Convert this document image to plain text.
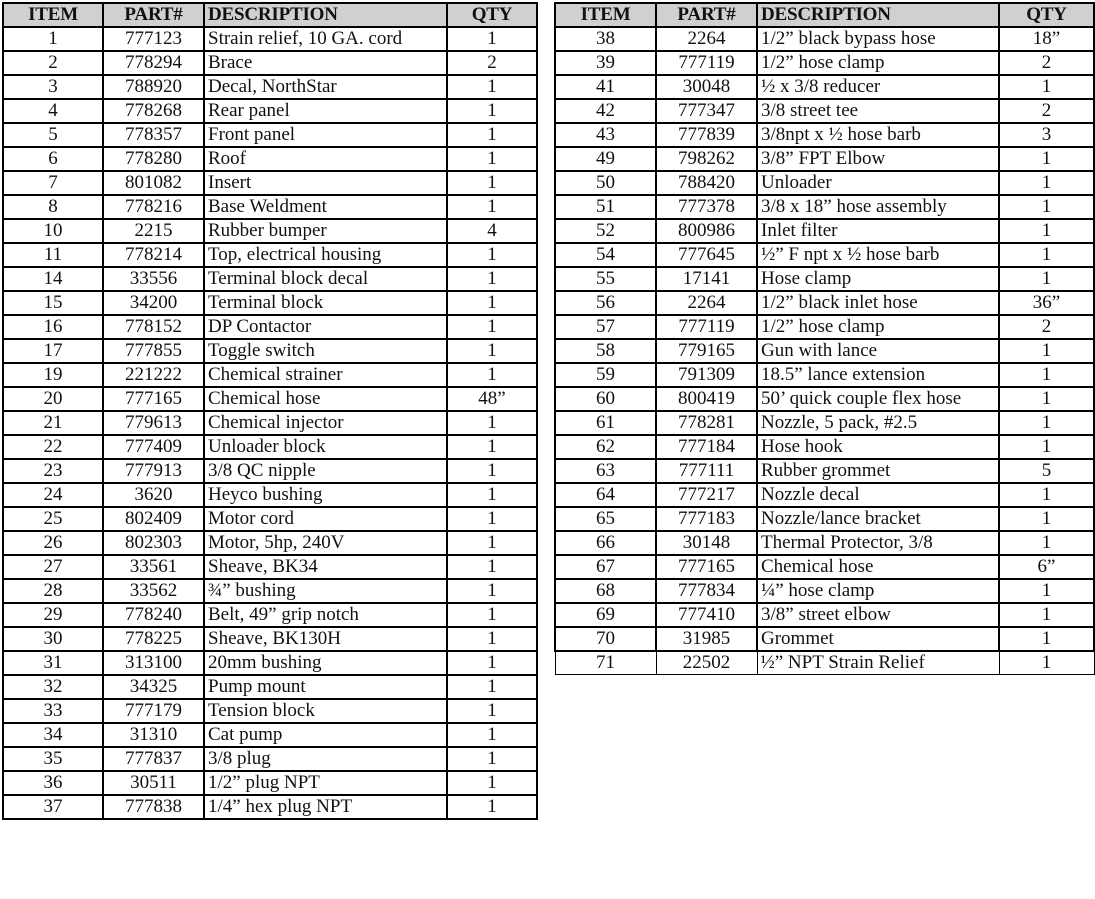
ITEM	PART#	DESCRIPTION	QTY
1	777123	Strain relief, 10 GA. cord	1
2	778294	Brace	2
3	788920	Decal, NorthStar	1
4	778268	Rear panel	1
5	778357	Front panel	1
6	778280	Roof	1
7	801082	Insert	1
8	778216	Base Weldment	1
10	2215	Rubber bumper	4
11	778214	Top, electrical housing	1
14	33556	Terminal block decal	1
15	34200	Terminal block	1
16	778152	DP Contactor	1
17	777855	Toggle switch	1
19	221222	Chemical strainer	1
20	777165	Chemical hose	48”
21	779613	Chemical injector	1
22	777409	Unloader block	1
23	777913	3/8 QC nipple	1
24	3620	Heyco bushing	1
25	802409	Motor cord	1
26	802303	Motor, 5hp, 240V	1
27	33561	Sheave, BK34	1
28	33562	¾” bushing	1
29	778240	Belt, 49” grip notch	1
30	778225	Sheave, BK130H	1
31	313100	20mm bushing	1
32	34325	Pump mount	1
33	777179	Tension block	1
34	31310	Cat pump	1
35	777837	3/8 plug	1
36	30511	1/2” plug NPT	1
37	777838	1/4” hex plug NPT	1
ITEM	PART#	DESCRIPTION	QTY
38	2264	1/2” black bypass hose	18”
39	777119	1/2” hose clamp	2
41	30048	½ x 3/8 reducer	1
42	777347	3/8 street tee	2
43	777839	3/8npt x ½ hose barb	3
49	798262	3/8” FPT Elbow	1
50	788420	Unloader	1
51	777378	3/8 x 18” hose assembly	1
52	800986	Inlet filter	1
54	777645	½” F npt x ½ hose barb	1
55	17141	Hose clamp	1
56	2264	1/2” black inlet hose	36”
57	777119	1/2” hose clamp	2
58	779165	Gun with lance	1
59	791309	18.5” lance extension	1
60	800419	50’ quick couple flex hose	1
61	778281	Nozzle, 5 pack, #2.5	1
62	777184	Hose hook	1
63	777111	Rubber grommet	5
64	777217	Nozzle decal	1
65	777183	Nozzle/lance bracket	1
66	30148	Thermal Protector, 3/8	1
67	777165	Chemical hose	6”
68	777834	¼” hose clamp	1
69	777410	3/8” street elbow	1
70	31985	Grommet	1
71	22502	½” NPT Strain Relief	1
